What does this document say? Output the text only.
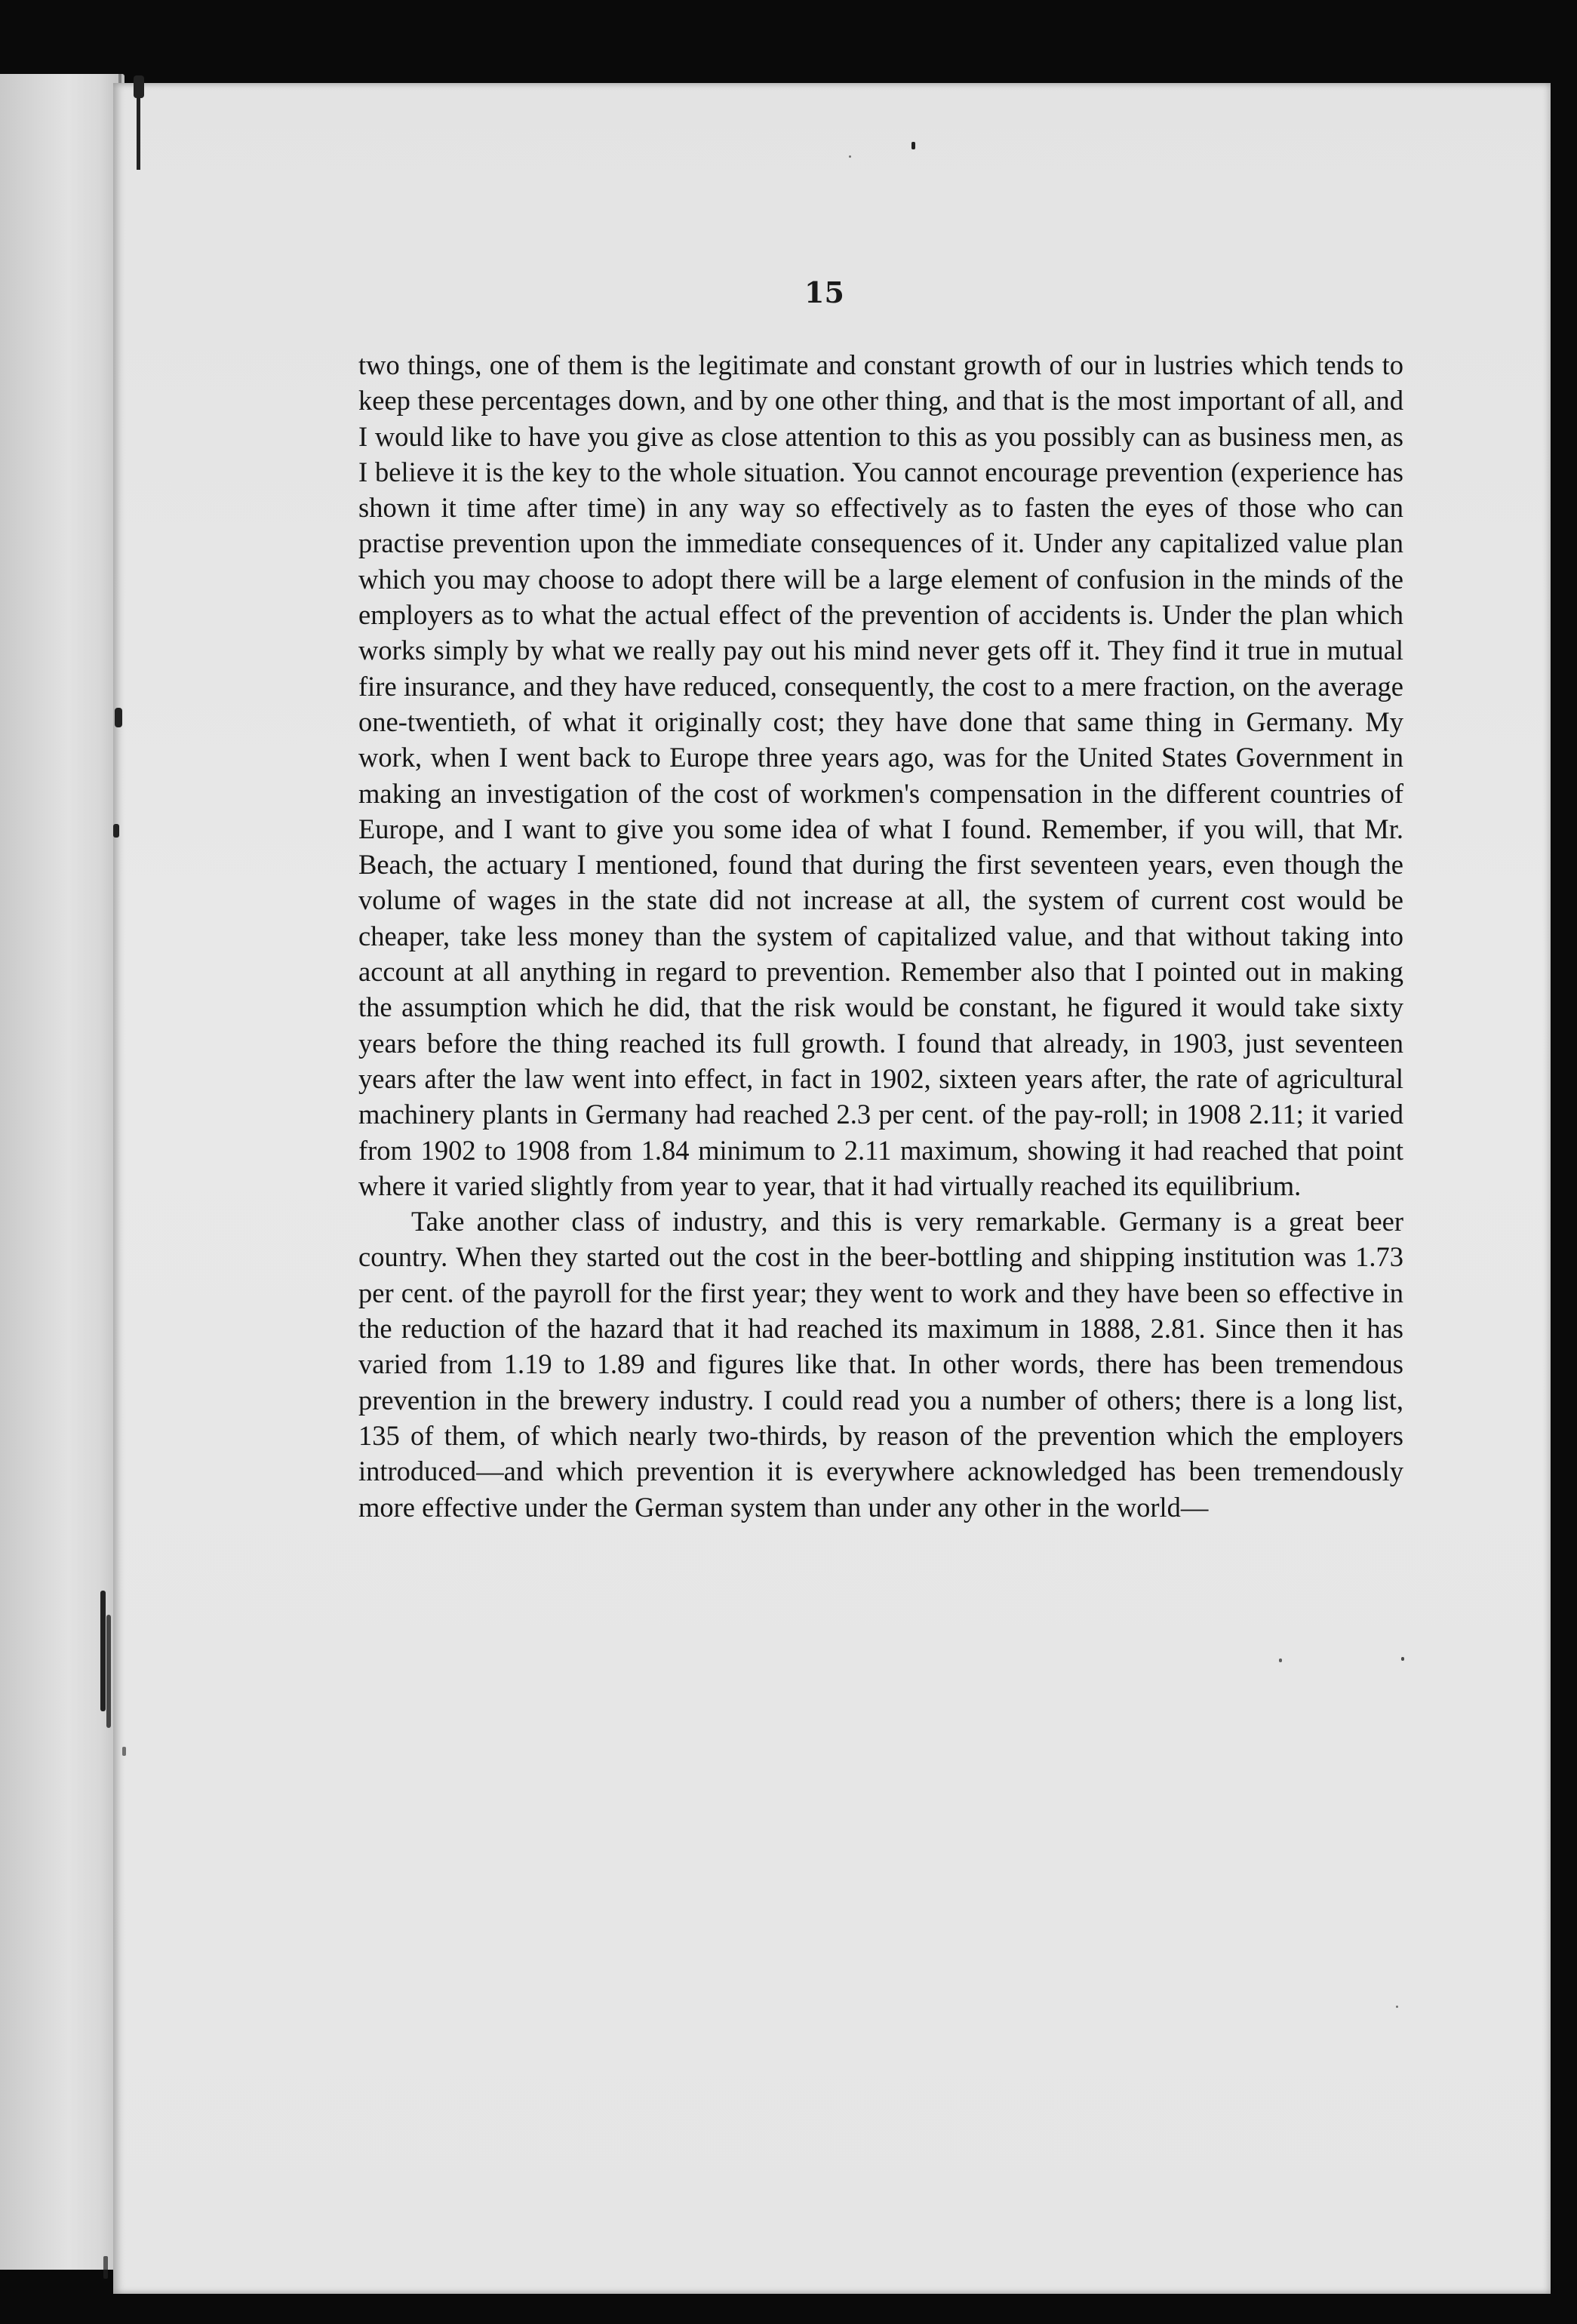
15

two things, one of them is the legitimate and constant growth of our in lustries which tends to keep these percentages down, and by one other thing, and that is the most important of all, and I would like to have you give as close attention to this as you possibly can as business men, as I believe it is the key to the whole situation. You cannot encourage prevention (experience has shown it time after time) in any way so effectively as to fasten the eyes of those who can practise prevention upon the immediate consequences of it. Under any capitalized value plan which you may choose to adopt there will be a large element of confusion in the minds of the employers as to what the actual effect of the prevention of accidents is. Under the plan which works simply by what we really pay out his mind never gets off it. They find it true in mutual fire insurance, and they have reduced, consequently, the cost to a mere fraction, on the average one-twentieth, of what it originally cost; they have done that same thing in Germany. My work, when I went back to Europe three years ago, was for the United States Government in making an investigation of the cost of workmen's compensation in the different countries of Europe, and I want to give you some idea of what I found. Remember, if you will, that Mr. Beach, the actuary I mentioned, found that during the first seventeen years, even though the volume of wages in the state did not increase at all, the system of current cost would be cheaper, take less money than the system of capitalized value, and that without taking into account at all anything in regard to prevention. Remember also that I pointed out in making the assumption which he did, that the risk would be constant, he figured it would take sixty years before the thing reached its full growth. I found that already, in 1903, just seventeen years after the law went into effect, in fact in 1902, sixteen years after, the rate of agricultural machinery plants in Germany had reached 2.3 per cent. of the pay-roll; in 1908 2.11; it varied from 1902 to 1908 from 1.84 minimum to 2.11 maximum, showing it had reached that point where it varied slightly from year to year, that it had virtually reached its equilibrium.

Take another class of industry, and this is very remarkable. Germany is a great beer country. When they started out the cost in the beer-bottling and shipping institution was 1.73 per cent. of the payroll for the first year; they went to work and they have been so effective in the reduction of the hazard that it had reached its maximum in 1888, 2.81. Since then it has varied from 1.19 to 1.89 and figures like that. In other words, there has been tremendous prevention in the brewery industry. I could read you a number of others; there is a long list, 135 of them, of which nearly two-thirds, by reason of the prevention which the employers introduced—and which prevention it is everywhere acknowledged has been tremendously more effective under the German system than under any other in the world—
